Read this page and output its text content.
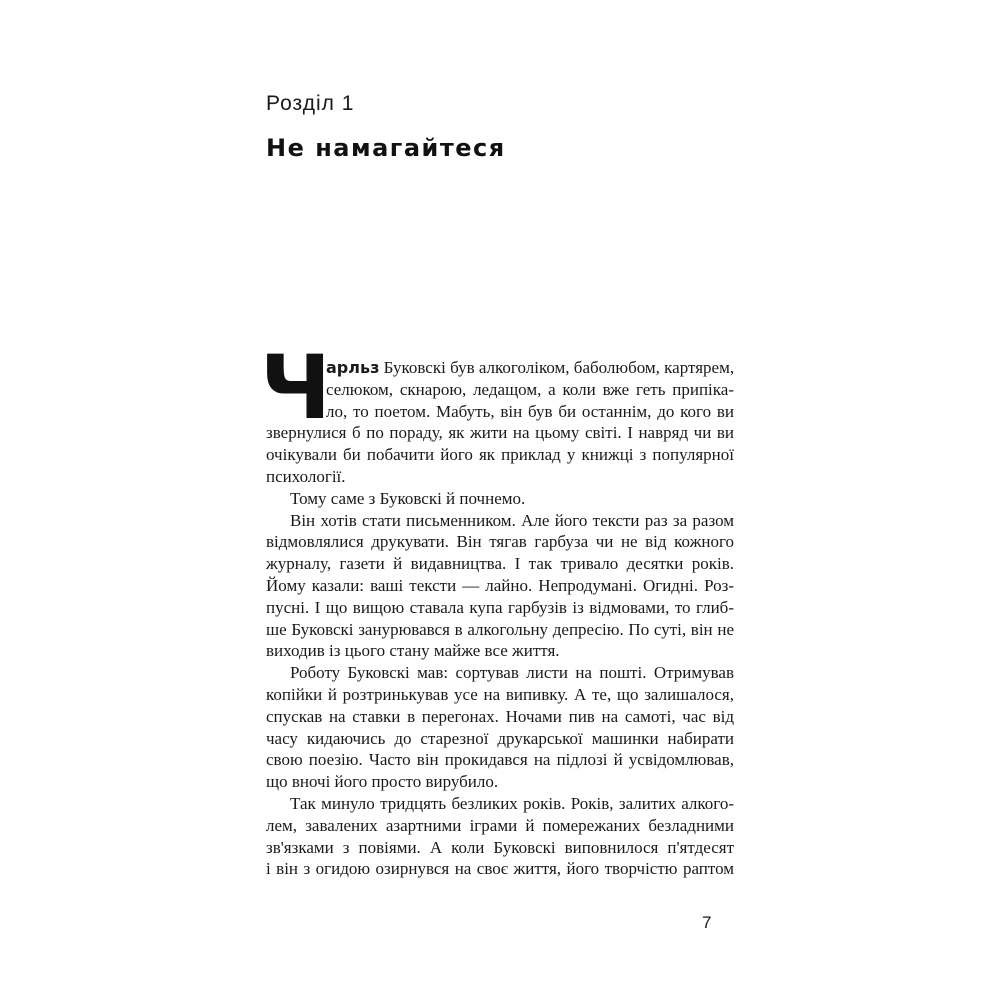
Розділ 1
Не намагайтеся
Ч
арльз Буковскі був алкоголіком, баболюбом, картярем,
селюком, скнарою, ледащом, а коли вже геть припіка-
ло, то поетом. Мабуть, він був би останнім, до кого ви
звернулися б по пораду, як жити на цьому світі. І навряд чи ви
очікували би побачити його як приклад у книжці з популярної
психології.
Тому саме з Буковскі й почнемо.
Він хотів стати письменником. Але його тексти раз за разом
відмовлялися друкувати. Він тягав гарбуза чи не від кожного
журналу, газети й видавництва. І так тривало десятки років.
Йому казали: ваші тексти — лайно. Непродумані. Огидні. Роз-
пусні. І що вищою ставала купа гарбузів із відмовами, то глиб-
ше Буковскі занурювався в алкогольну депресію. По суті, він не
виходив із цього стану майже все життя.
Роботу Буковскі мав: сортував листи на пошті. Отримував
копійки й розтринькував усе на випивку. А те, що залишалося,
спускав на ставки в перегонах. Ночами пив на самоті, час від
часу кидаючись до старезної друкарської машинки набирати
свою поезію. Часто він прокидався на підлозі й усвідомлював,
що вночі його просто вирубило.
Так минуло тридцять безликих років. Років, залитих алкого-
лем, завалених азартними іграми й помережаних безладними
зв'язками з повіями. А коли Буковскі виповнилося п'ятдесят
і він з огидою озирнувся на своє життя, його творчістю раптом
7
